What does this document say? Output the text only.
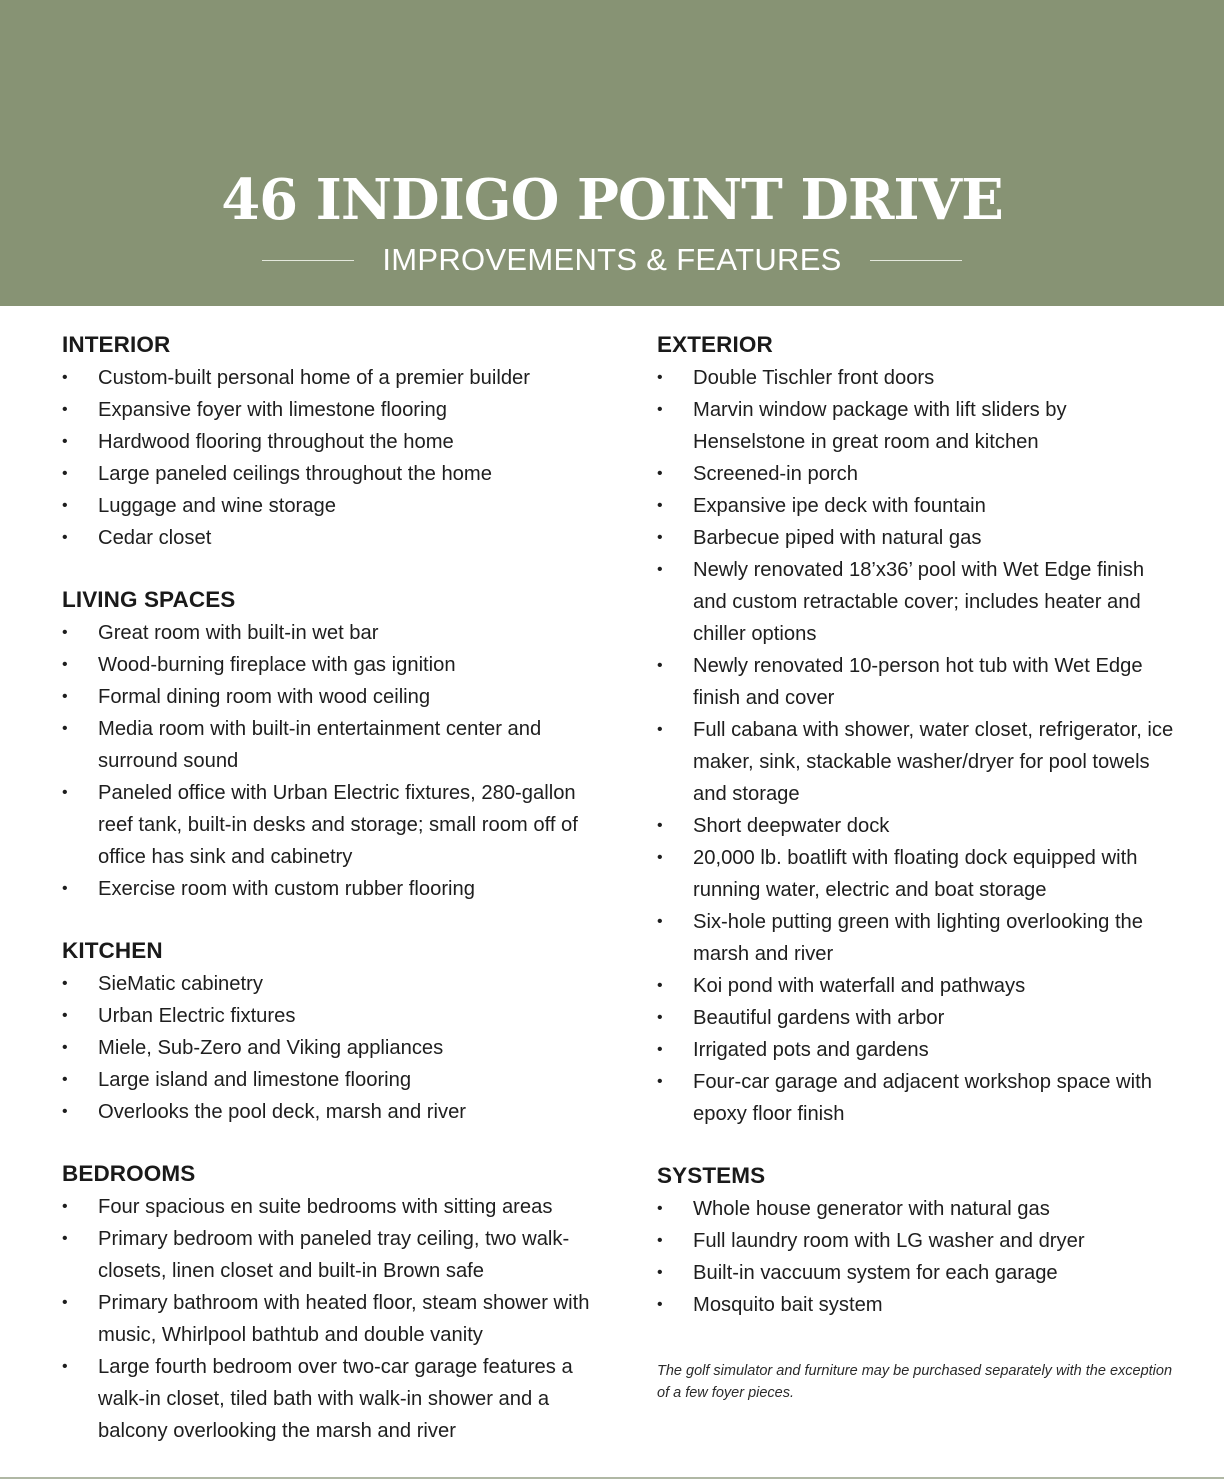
46 INDIGO POINT DRIVE
IMPROVEMENTS & FEATURES
INTERIOR
• Custom-built personal home of a premier builder
• Expansive foyer with limestone flooring
• Hardwood flooring throughout the home
• Large paneled ceilings throughout the home
• Luggage and wine storage
• Cedar closet
LIVING SPACES
• Great room with built-in wet bar
• Wood-burning fireplace with gas ignition
• Formal dining room with wood ceiling
• Media room with built-in entertainment center and surround sound
• Paneled office with Urban Electric fixtures, 280-gallon reef tank, built-in desks and storage; small room off of office has sink and cabinetry
• Exercise room with custom rubber flooring
KITCHEN
• SieMatic cabinetry
• Urban Electric fixtures
• Miele, Sub-Zero and Viking appliances
• Large island and limestone flooring
• Overlooks the pool deck, marsh and river
BEDROOMS
• Four spacious en suite bedrooms with sitting areas
• Primary bedroom with paneled tray ceiling, two walk-closets, linen closet and built-in Brown safe
• Primary bathroom with heated floor, steam shower with music, Whirlpool bathtub and double vanity
• Large fourth bedroom over two-car garage features a walk-in closet, tiled bath with walk-in shower and a balcony overlooking the marsh and river
EXTERIOR
• Double Tischler front doors
• Marvin window package with lift sliders by Henselstone in great room and kitchen
• Screened-in porch
• Expansive ipe deck with fountain
• Barbecue piped with natural gas
• Newly renovated 18’x36’ pool with Wet Edge finish and custom retractable cover; includes heater and chiller options
• Newly renovated 10-person hot tub with Wet Edge finish and cover
• Full cabana with shower, water closet, refrigerator, ice maker, sink, stackable washer/dryer for pool towels and storage
• Short deepwater dock
• 20,000 lb. boatlift with floating dock equipped with running water, electric and boat storage
• Six-hole putting green with lighting overlooking the marsh and river
• Koi pond with waterfall and pathways
• Beautiful gardens with arbor
• Irrigated pots and gardens
• Four-car garage and adjacent workshop space with epoxy floor finish
SYSTEMS
• Whole house generator with natural gas
• Full laundry room with LG washer and dryer
• Built-in vaccuum system for each garage
• Mosquito bait system
The golf simulator and furniture may be purchased separately with the exception of a few foyer pieces.
